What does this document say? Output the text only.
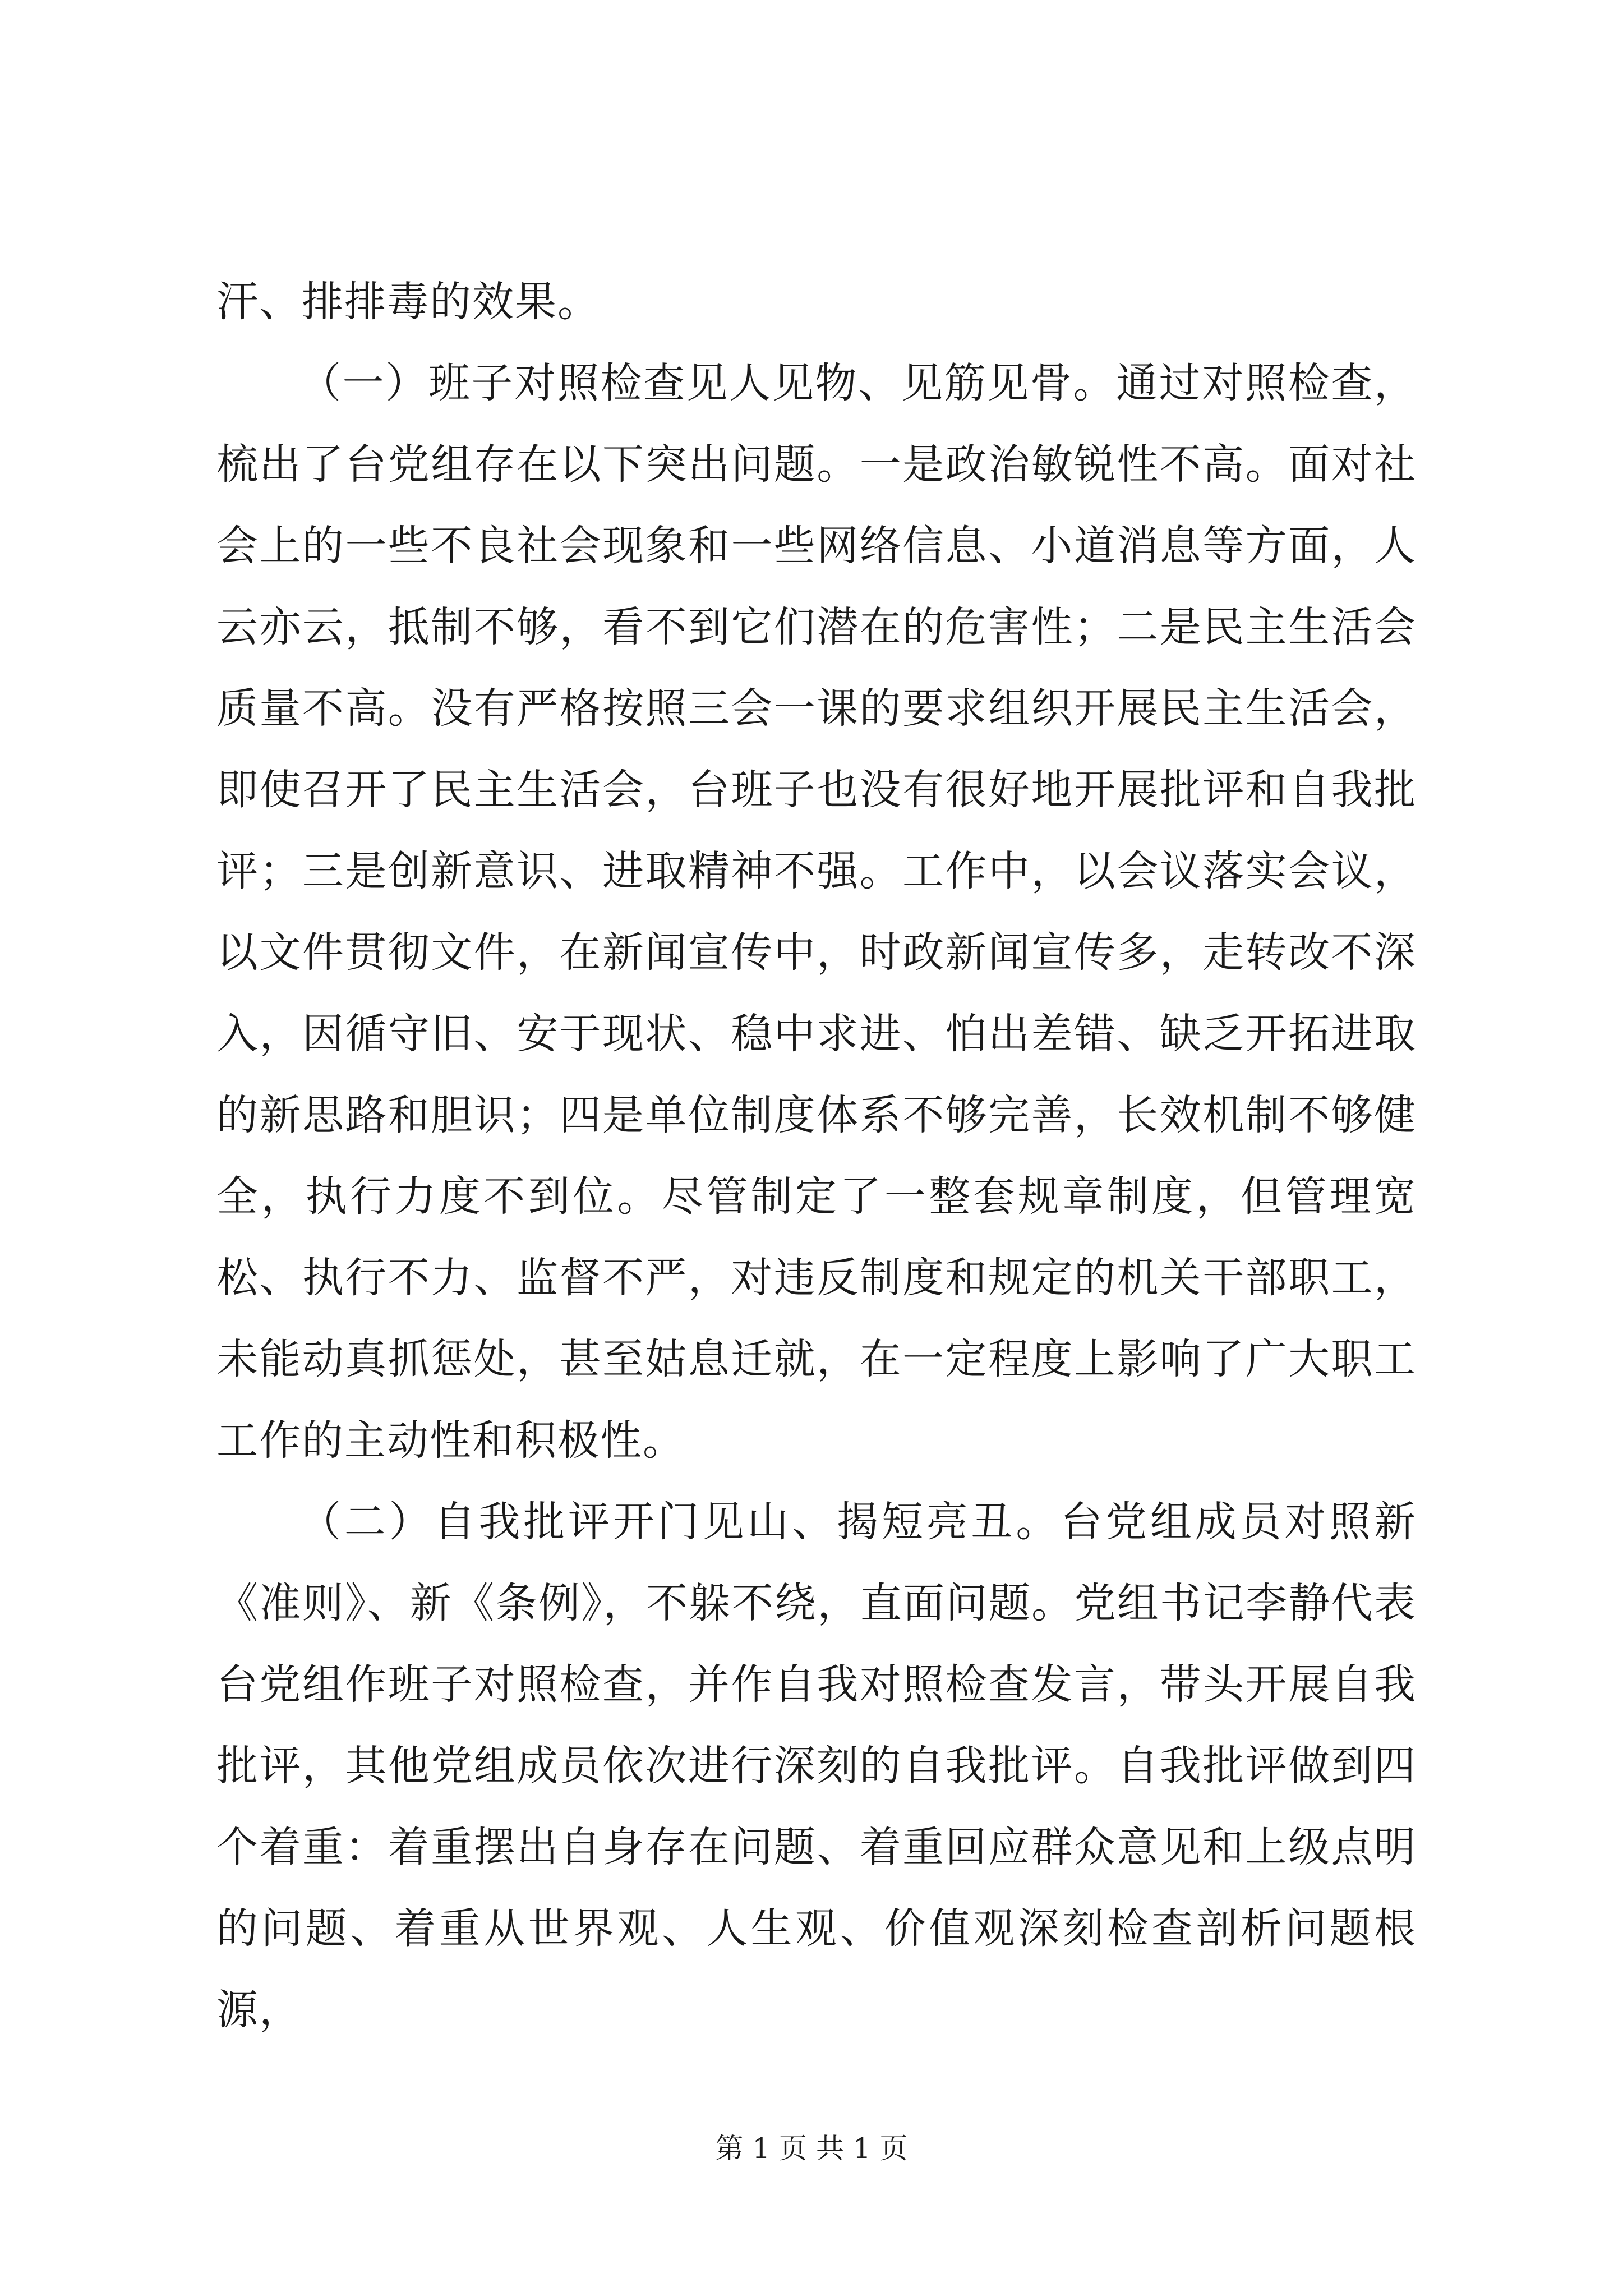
汗、排排毒的效果。

（一）班子对照检查见人见物、见筋见骨。通过对照检查，梳出了台党组存在以下突出问题。一是政治敏锐性不高。面对社会上的一些不良社会现象和一些网络信息、小道消息等方面，人云亦云，抵制不够，看不到它们潜在的危害性；二是民主生活会质量不高。没有严格按照三会一课的要求组织开展民主生活会，即使召开了民主生活会，台班子也没有很好地开展批评和自我批评；三是创新意识、进取精神不强。工作中，以会议落实会议，以文件贯彻文件，在新闻宣传中，时政新闻宣传多，走转改不深入，因循守旧、安于现状、稳中求进、怕出差错、缺乏开拓进取的新思路和胆识；四是单位制度体系不够完善，长效机制不够健全，执行力度不到位。尽管制定了一整套规章制度，但管理宽松、执行不力、监督不严，对违反制度和规定的机关干部职工，未能动真抓惩处，甚至姑息迁就，在一定程度上影响了广大职工工作的主动性和积极性。

（二）自我批评开门见山、揭短亮丑。台党组成员对照新《准则》、新《条例》，不躲不绕，直面问题。党组书记李静代表台党组作班子对照检查，并作自我对照检查发言，带头开展自我批评，其他党组成员依次进行深刻的自我批评。自我批评做到四个着重：着重摆出自身存在问题、着重回应群众意见和上级点明的问题、着重从世界观、人生观、价值观深刻检查剖析问题根源，

第 1 页 共 1 页
